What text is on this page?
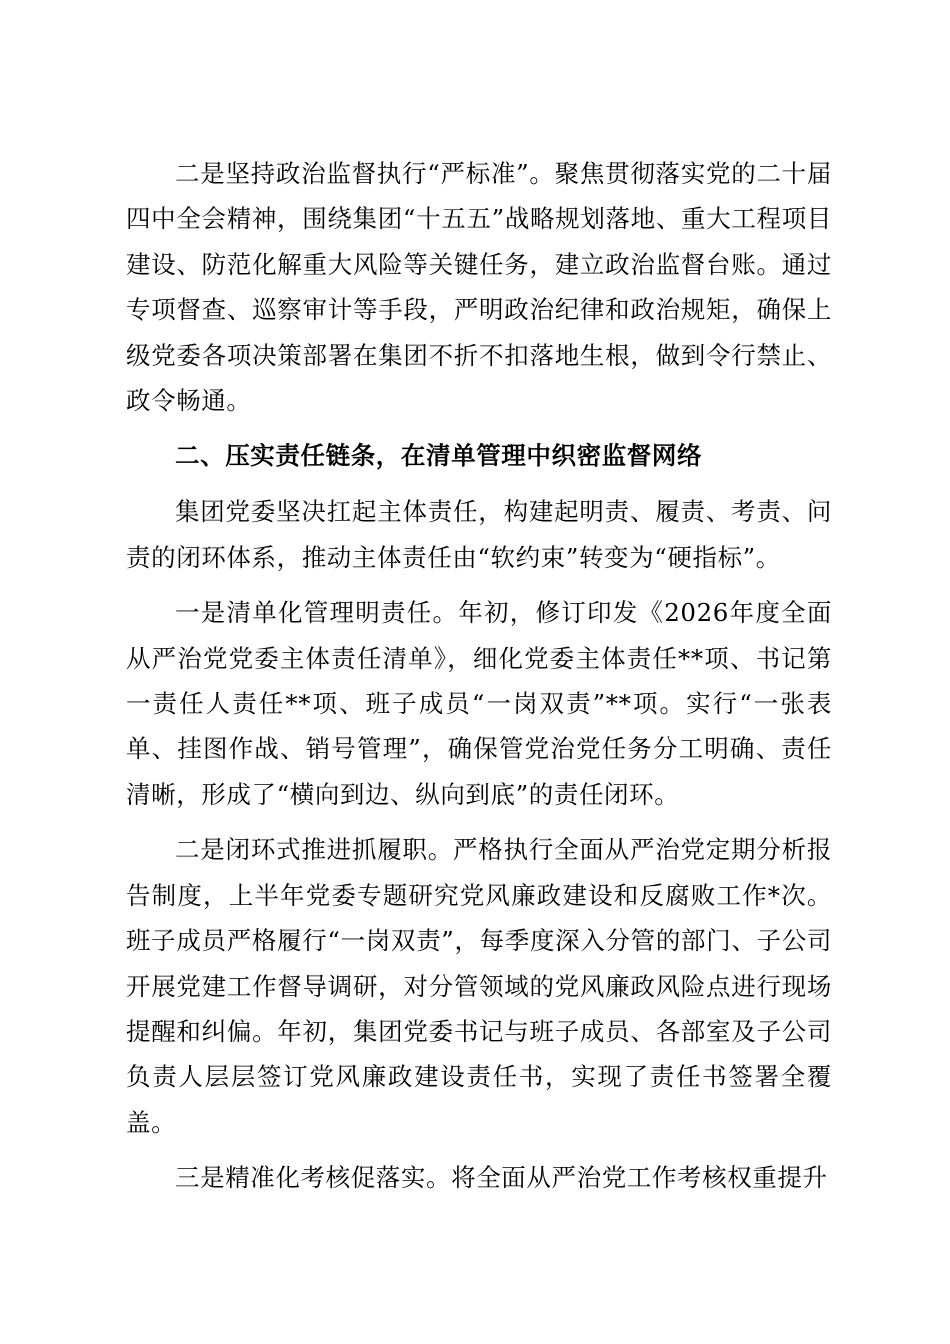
二是坚持政治监督执行“严标准”。聚焦贯彻落实党的二十届四中全会精神，围绕集团“十五五”战略规划落地、重大工程项目建设、防范化解重大风险等关键任务，建立政治监督台账。通过专项督查、巡察审计等手段，严明政治纪律和政治规矩，确保上级党委各项决策部署在集团不折不扣落地生根，做到令行禁止、政令畅通。

二、压实责任链条，在清单管理中织密监督网络

集团党委坚决扛起主体责任，构建起明责、履责、考责、问责的闭环体系，推动主体责任由“软约束”转变为“硬指标”。

一是清单化管理明责任。年初，修订印发《2026年度全面从严治党党委主体责任清单》，细化党委主体责任**项、书记第一责任人责任**项、班子成员“一岗双责”**项。实行“一张表单、挂图作战、销号管理”，确保管党治党任务分工明确、责任清晰，形成了“横向到边、纵向到底”的责任闭环。

二是闭环式推进抓履职。严格执行全面从严治党定期分析报告制度，上半年党委专题研究党风廉政建设和反腐败工作*次。班子成员严格履行“一岗双责”，每季度深入分管的部门、子公司开展党建工作督导调研，对分管领域的党风廉政风险点进行现场提醒和纠偏。年初，集团党委书记与班子成员、各部室及子公司负责人层层签订党风廉政建设责任书，实现了责任书签署全覆盖。

三是精准化考核促落实。将全面从严治党工作考核权重提升
